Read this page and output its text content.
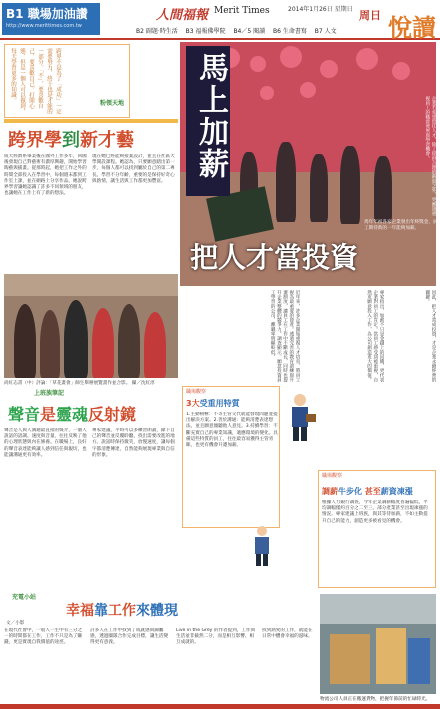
B1 職場加油讚
http://www.merittimes.com.tw
人間福報 Merit Times	2014年1月26日 星期日
B2 副題‧時生活 B3 福報佛學院 B4／5 閱讀 B6 生命書寫 B7 人文
周日 悅讀
跨界不是為了「成功」一定需要努力，終于也是才能的一部分。「不」，要喜歡自己，要喜歡自己。打開心態，但是一個人可以做到，每天學習更多的知識。
粉領天地
跨界學到新才藝
成大經濟系畢業後在國外工作多年，回國後發現自己對藝術有濃厚興趣，開始學習陶藝與插畫。從那時起，她把工作之外的時間全部投入在學習中，每個週末都到工作室上課，並在網路上分享作品。她說跨界學習讓她認識了許多不同領域的朋友，也讓她在工作上有了新的想法。
現在她已經能夠接案設計，並且在社區大學開設課程。她認為，只要願意踏出第一步，每個人都可以找到屬於自己的第二專長。學習不分年齡，重要的是保持好奇心與熱情，讓生活與工作都更加豐富。
尚紅志書（中）評論：「草花畫會」師生舉辦展覽畫作並合影。 攝／沈紅淳
上班族筆記
聲音是靈魂反射鏡
聲音是人與人溝通最直接的媒介，一個人說話的語調、速度與音量，往往反映了他的心理狀態與內在修養。在職場上，良好的聲音表達能夠讓人感到信任與親切，也能讓溝通更有效率。
專家建議，平時可以多練習朗讀，錄下自己的聲音並反覆聆聽，找出需要改進的地方。說話時保持微笑，放慢速度，讓每個字都清楚傳達，自然能夠展現專業與自信的形象。
馬上加薪
把人才當投資
馬年年初各家企業發出年終獎金，員工期待新的一年能夠加薪。
企業若希望留住人才，除了提供合理的薪資之外，更應該重視員工的職涯發展與學習機會。
近年來，許多企業開始重視人才培育，將員工視為最重要的資產。透過完善的教育訓練與升遷制度，讓員工在工作中不斷成長，同時也提升企業整體的競爭力。調查顯示，願意投資員工學習的公司，離職率明顯較低。	專家指出，加薪不只是金錢上的回饋，更代表企業對員工的肯定。當員工感受到被重視，自然更願意投入工作，為公司創造更大的價值。	因此，把人才當成投資，才是企業永續經營的關鍵。
職場觀察
3大受重用特質
1.主動積極：不等主管交代就能發現問題並提出解決方案。2.善於溝通：能夠清楚表達想法，並且願意傾聽他人意見。3.持續學習：不斷充實自己的專業知識，適應環境的變化。具備這些特質的員工，往往最容易獲得主管青睞，也更有機會升遷加薪。
職場觀察
調薪牛步化 甚至薪資凍漲
根據人力銀行調查，今年企業調薪幅度普遍偏低，平均調幅僅約百分之二至三，部分產業甚至出現凍漲的情況。專家建議上班族，與其等待加薪，不如主動提升自己的能力，創造更多被看見的機會。
充電小站
幸福靠工作來體現
文／小影
在現代社會中，一般人一生中有三分之一的時間都在工作，工作不只是為了賺錢，更是實現自我價值的途徑。
許多人在工作中找到了成就感與歸屬感，透過團隊合作完成目標，讓生活變得更有意義。
Live in the Grey 的作者提到，工作與生活並非截然二分，而是相互影響、相互成就的。
找到熱愛的工作，就能在日常中體會幸福的滋味。
物流公司人員正在搬運貨物，把握年節前的忙碌時光。
